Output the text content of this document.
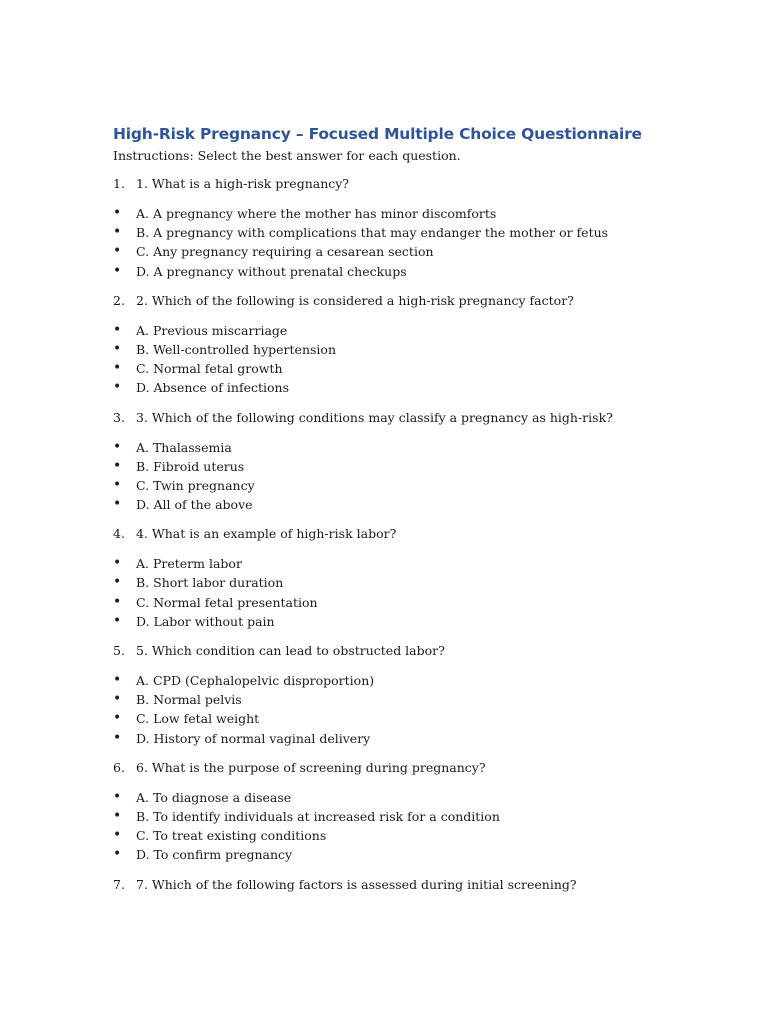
High-Risk Pregnancy – Focused Multiple Choice Questionnaire

Instructions: Select the best answer for each question.

1. 1. What is a high-risk pregnancy?
•	A. A pregnancy where the mother has minor discomforts
•	B. A pregnancy with complications that may endanger the mother or fetus
•	C. Any pregnancy requiring a cesarean section
•	D. A pregnancy without prenatal checkups
2. 2. Which of the following is considered a high-risk pregnancy factor?
•	A. Previous miscarriage
•	B. Well-controlled hypertension
•	C. Normal fetal growth
•	D. Absence of infections
3. 3. Which of the following conditions may classify a pregnancy as high-risk?
•	A. Thalassemia
•	B. Fibroid uterus
•	C. Twin pregnancy
•	D. All of the above
4. 4. What is an example of high-risk labor?
•	A. Preterm labor
•	B. Short labor duration
•	C. Normal fetal presentation
•	D. Labor without pain
5. 5. Which condition can lead to obstructed labor?
•	A. CPD (Cephalopelvic disproportion)
•	B. Normal pelvis
•	C. Low fetal weight
•	D. History of normal vaginal delivery
6. 6. What is the purpose of screening during pregnancy?
•	A. To diagnose a disease
•	B. To identify individuals at increased risk for a condition
•	C. To treat existing conditions
•	D. To confirm pregnancy
7. 7. Which of the following factors is assessed during initial screening?
